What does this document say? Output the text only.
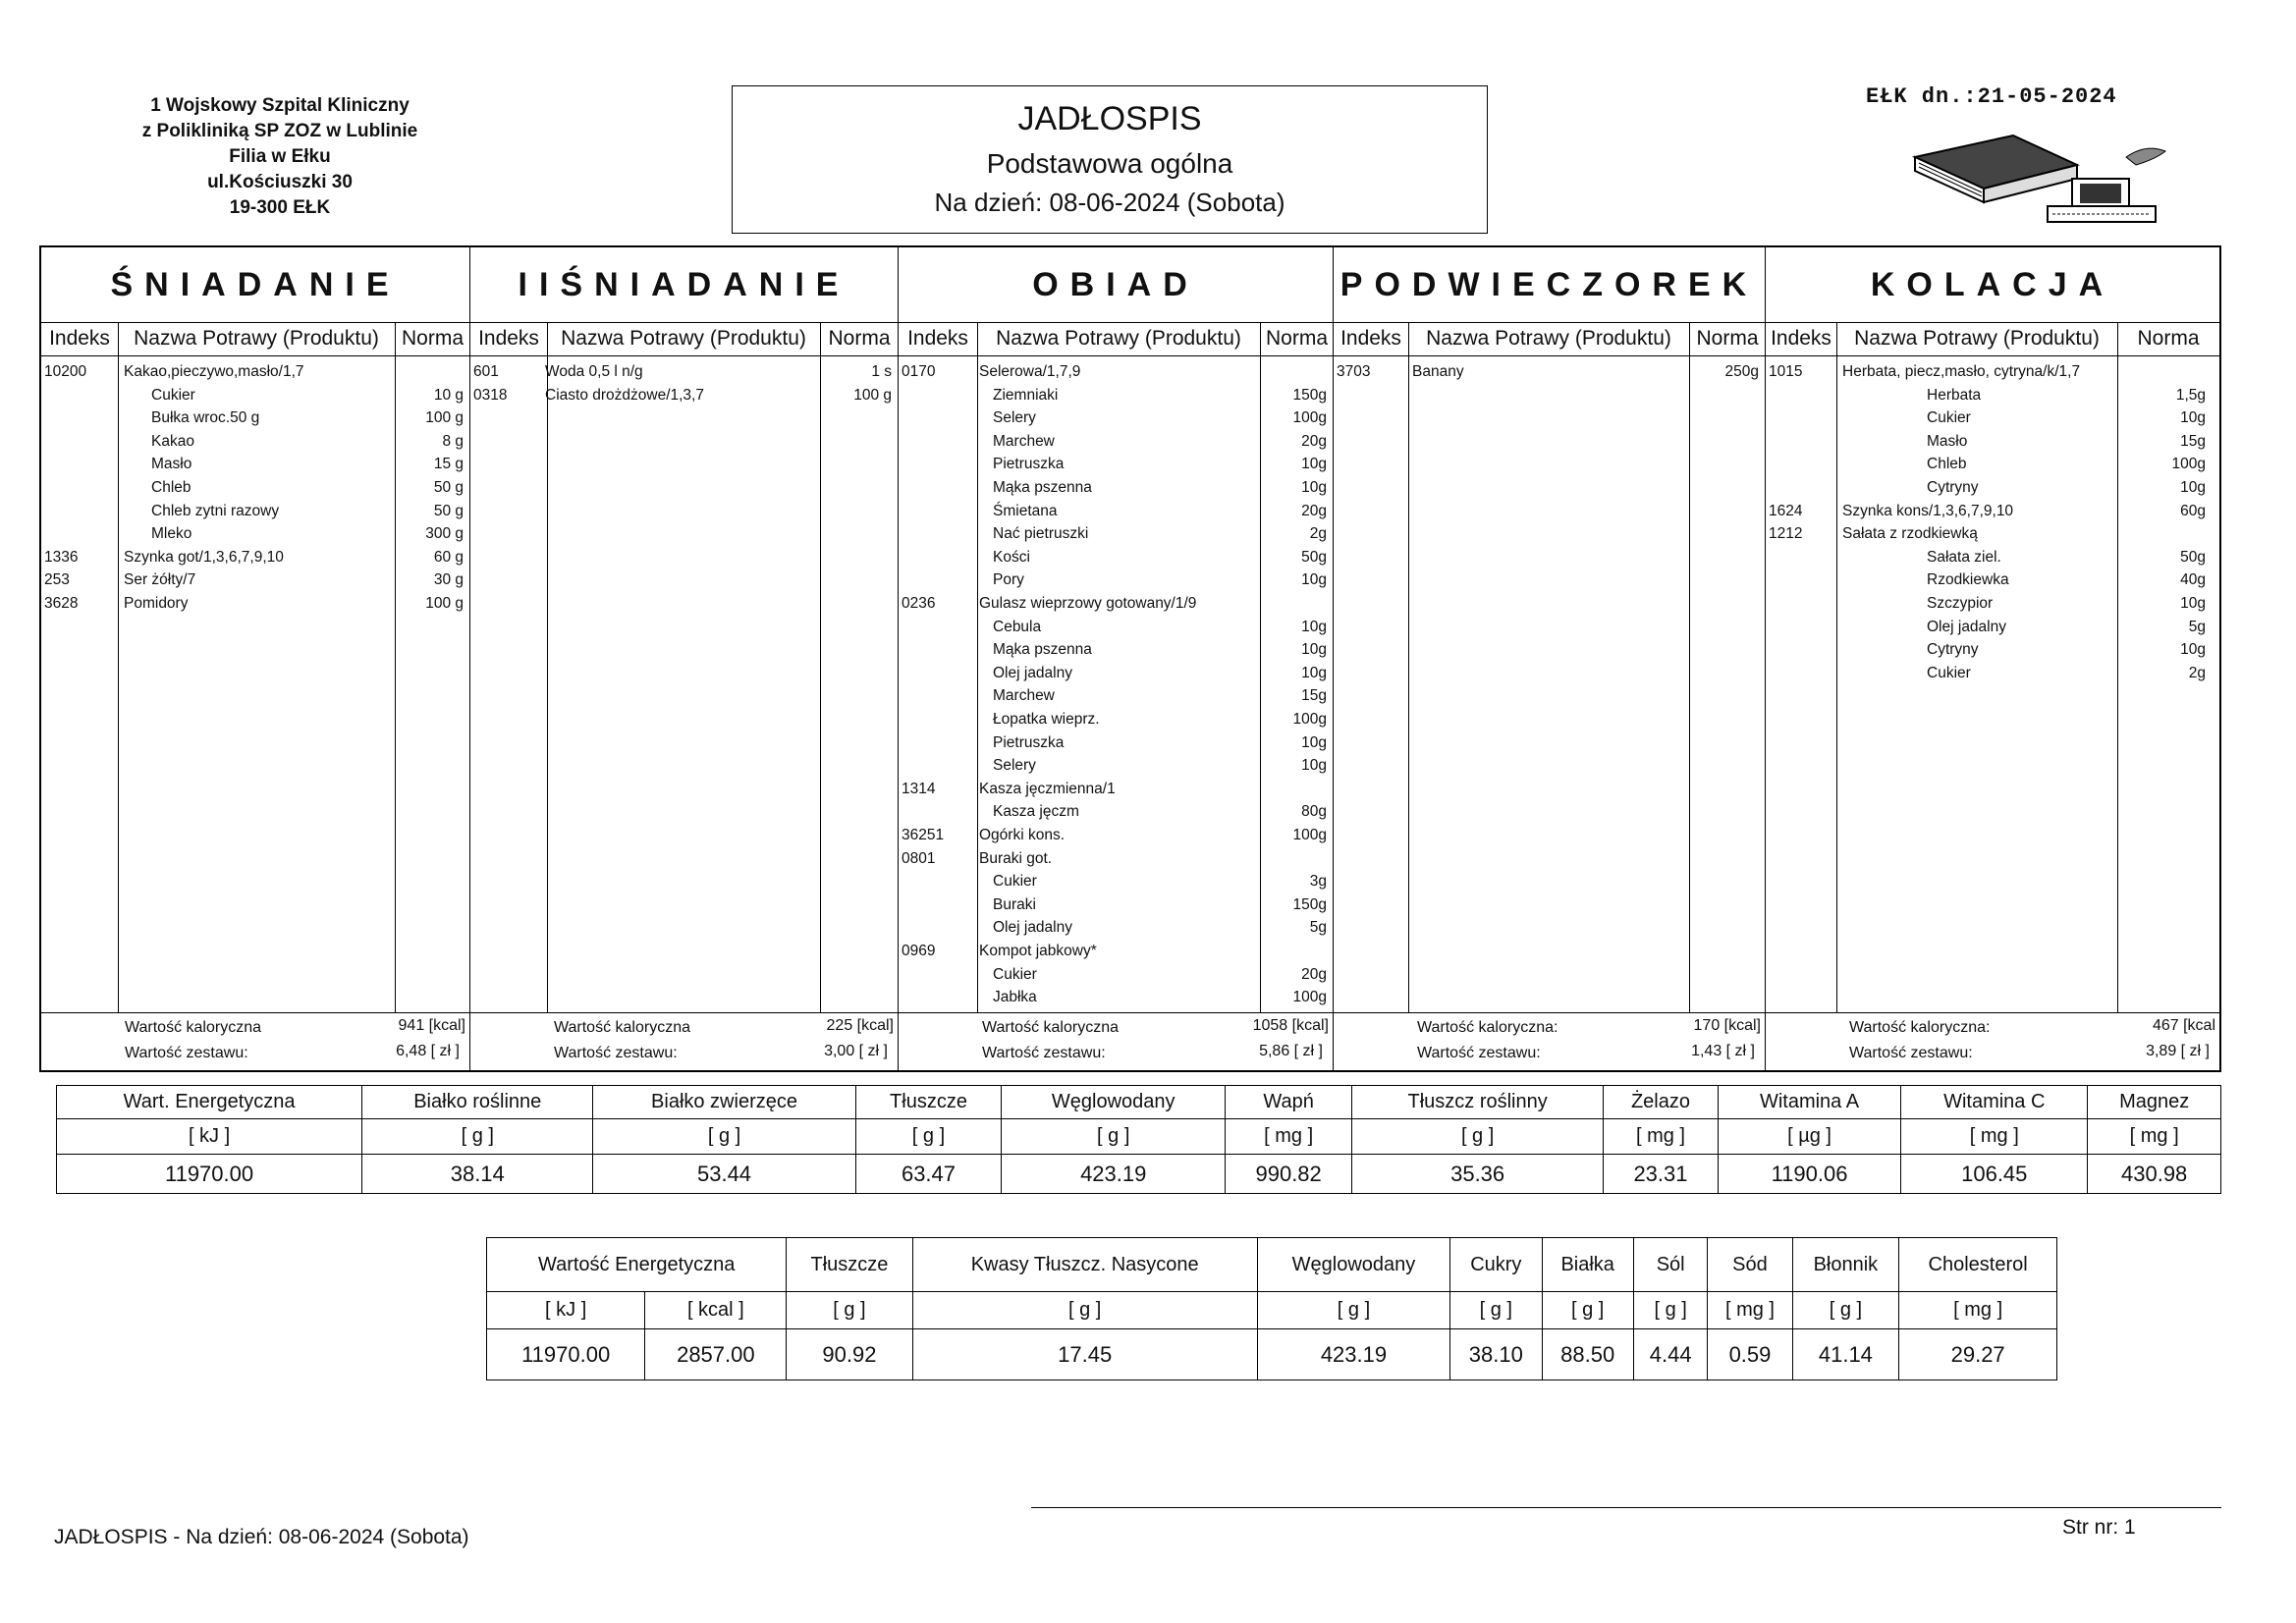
1 Wojskowy Szpital Kliniczny
z Polikliniką SP ZOZ w Lublinie
Filia w Ełku
ul.Kościuszki 30
19-300 EŁK
JADŁOSPIS
Podstawowa ogólna
Na dzień: 08-06-2024 (Sobota)
EŁK dn.:21-05-2024
ŚNIADANIE
Indeks	Nazwa Potrawy (Produktu)	Norma
10200 Kakao,pieczywo,masło/1,7
Cukier	10 g
Bułka wroc.50 g	100 g
Kakao	8 g
Masło	15 g
Chleb	50 g
Chleb zytni razowy	50 g
Mleko	300 g
1336	Szynka got/1,3,6,7,9,10	60 g
253	Ser żółty/7	30 g
3628	Pomidory	100 g
Wartość kaloryczna	941 [kcal]
Wartość zestawu:	6,48 [ zł ]
IIŚNIADANIE
Indeks	Nazwa Potrawy (Produktu)	Norma
601	Woda 0,5 l n/g	1 s
0318 Ciasto drożdżowe/1,3,7	100 g
Wartość kaloryczna	225 [kcal]
Wartość zestawu:	3,00 [ zł ]
OBIAD
Indeks	Nazwa Potrawy (Produktu)	Norma
0170	Selerowa/1,7,9
Ziemniaki	150g
Selery	100g
Marchew	20g
Pietruszka	10g
Mąka pszenna	10g
Śmietana	20g
Nać pietruszki	2g
Kości	50g
Pory	10g
0236	Gulasz wieprzowy gotowany/1/9
Cebula	10g
Mąka pszenna	10g
Olej jadalny	10g
Marchew	15g
Łopatka wieprz.	100g
Pietruszka	10g
Selery	10g
1314	Kasza jęczmienna/1
Kasza jęczm	80g
36251 Ogórki kons.	100g
0801	Buraki got.
Cukier	3g
Buraki	150g
Olej jadalny	5g
0969	Kompot jabkowy*
Cukier	20g
Jabłka	100g
Wartość kaloryczna	1058 [kcal]
Wartość zestawu:	5,86 [ zł ]
PODWIECZOREK
Indeks	Nazwa Potrawy (Produktu)	Norma
3703	Banany	250g
Wartość kaloryczna:	170 [kcal]
Wartość zestawu:	1,43 [ zł ]
KOLACJA
Indeks	Nazwa Potrawy (Produktu)	Norma
1015	Herbata, piecz,masło, cytryna/k/1,7
Herbata	1,5g
Cukier	10g
Masło	15g
Chleb	100g
Cytryny	10g
1624	Szynka kons/1,3,6,7,9,10	60g
1212	Sałata z rzodkiewką
Sałata ziel.	50g
Rzodkiewka	40g
Szczypior	10g
Olej jadalny	5g
Cytryny	10g
Cukier	2g
Wartość kaloryczna:	467 [kcal
Wartość zestawu:	3,89 [ zł ]
Wart. Energetyczna	Białko roślinne	Białko zwierzęce	Tłuszcze	Węglowodany	Wapń	Tłuszcz roślinny	Żelazo	Witamina A	Witamina C	Magnez
[ kJ ]	[ g ]	[ g ]	[ g ]	[ g ]	[ mg ]	[ g ]	[ mg ]	[ µg ]	[ mg ]	[ mg ]
11970.00	38.14	53.44	63.47	423.19	990.82	35.36	23.31	1190.06	106.45	430.98
Wartość Energetyczna		Tłuszcze	Kwasy Tłuszcz. Nasycone	Węglowodany	Cukry	Białka	Sól	Sód	Błonnik	Cholesterol
[ kJ ]	[ kcal ]	[ g ]	[ g ]	[ g ]	[ g ]	[ g ]	[ g ]	[ mg ]	[ g ]	[ mg ]
11970.00	2857.00	90.92	17.45	423.19	38.10	88.50	4.44	0.59	41.14	29.27
JADŁOSPIS - Na dzień: 08-06-2024 (Sobota)	Str nr: 1
